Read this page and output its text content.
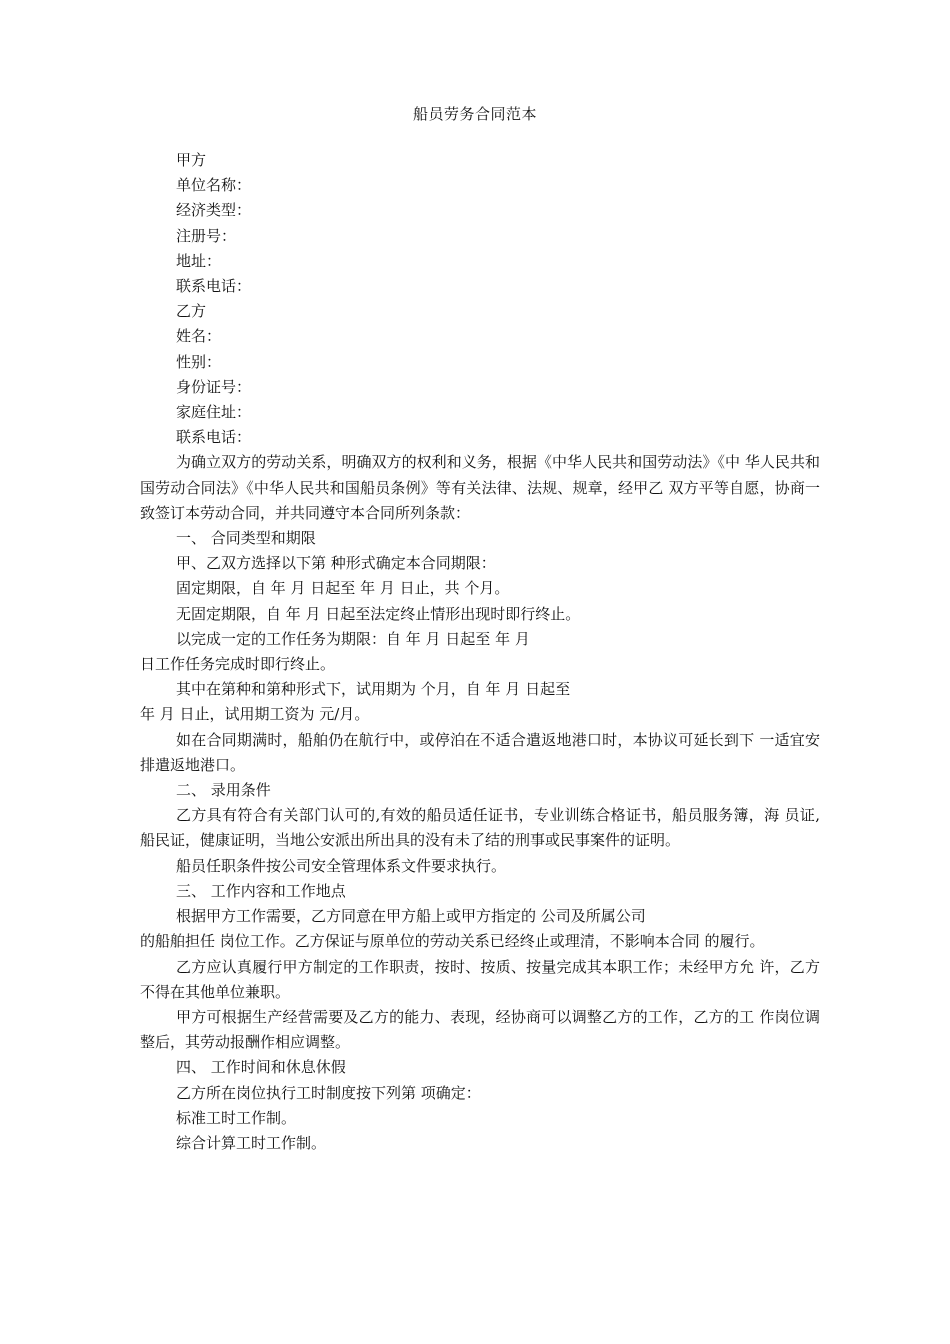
船员劳务合同范本
甲方
单位名称：
经济类型：
注册号：
地址：
联系电话：
乙方
姓名：
性别：
身份证号：
家庭住址：
联系电话：
为确立双方的劳动关系，明确双方的权利和义务，根据《中华人民共和国劳动法》《中 华人民共和国劳动合同法》《中华人民共和国船员条例》等有关法律、法规、规章，经甲乙 双方平等自愿，协商一致签订本劳动合同，并共同遵守本合同所列条款：
一、 合同类型和期限
甲、乙双方选择以下第 种形式确定本合同期限：
固定期限，自 年 月 日起至 年 月 日止，共 个月。
无固定期限，自 年 月 日起至法定终止情形出现时即行终止。
以完成一定的工作任务为期限：自 年 月 日起至 年 月
日工作任务完成时即行终止。
其中在第种和第种形式下，试用期为 个月，自 年 月 日起至
年 月 日止，试用期工资为 元/月。
如在合同期满时，船舶仍在航行中，或停泊在不适合遣返地港口时，本协议可延长到下 一适宜安排遣返地港口。
二、 录用条件
乙方具有符合有关部门认可的,有效的船员适任证书，专业训练合格证书，船员服务簿，海 员证,船民证，健康证明，当地公安派出所出具的没有未了结的刑事或民事案件的证明。
船员任职条件按公司安全管理体系文件要求执行。
三、 工作内容和工作地点
根据甲方工作需要，乙方同意在甲方船上或甲方指定的 公司及所属公司
的船舶担任 岗位工作。乙方保证与原单位的劳动关系已经终止或理清，不影响本合同 的履行。
乙方应认真履行甲方制定的工作职责，按时、按质、按量完成其本职工作；未经甲方允 许，乙方不得在其他单位兼职。
甲方可根据生产经营需要及乙方的能力、表现，经协商可以调整乙方的工作，乙方的工 作岗位调整后，其劳动报酬作相应调整。
四、 工作时间和休息休假
乙方所在岗位执行工时制度按下列第 项确定：
标准工时工作制。
综合计算工时工作制。
